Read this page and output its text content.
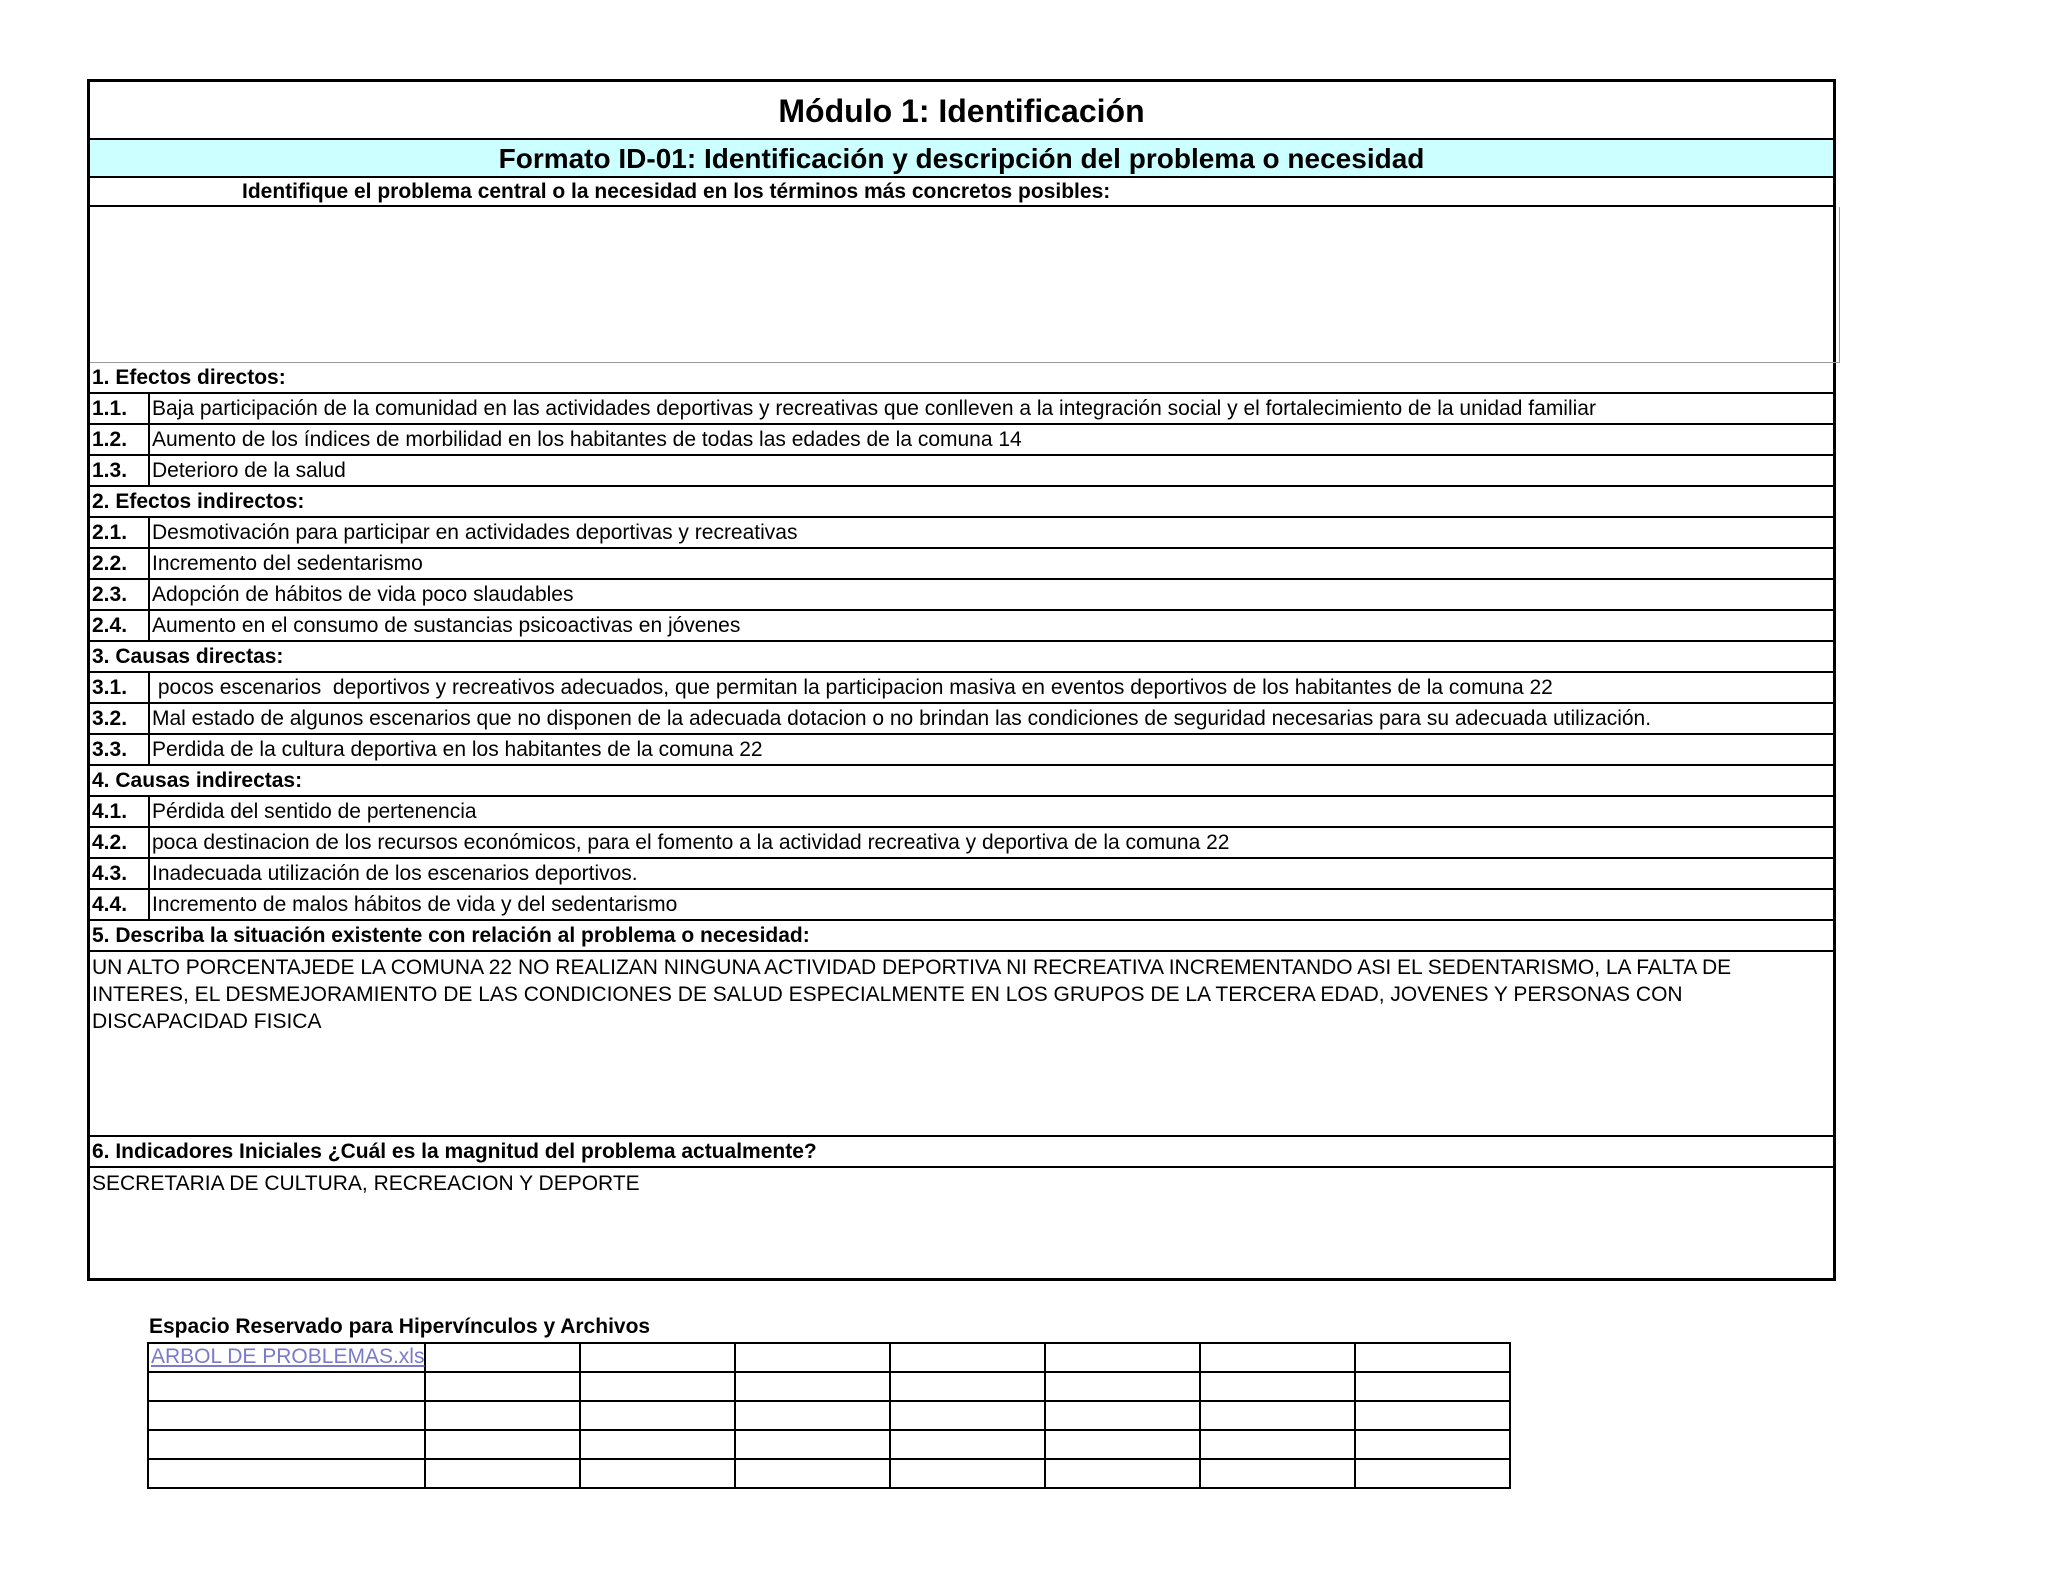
Módulo 1: Identificación
Formato ID-01: Identificación y descripción del problema o necesidad
Identifique el problema central o la necesidad en los términos más concretos posibles:
1. Efectos directos:
1.1.	Baja participación de la comunidad en las actividades deportivas y recreativas que conlleven a la integración social y el fortalecimiento de la unidad familiar
1.2.	Aumento de los índices de morbilidad en los habitantes de todas las edades de la comuna 14
1.3.	Deterioro de la salud
2. Efectos indirectos:
2.1.	Desmotivación para participar en actividades deportivas y recreativas
2.2.	Incremento del sedentarismo
2.3.	Adopción de hábitos de vida poco slaudables
2.4.	Aumento en el consumo de sustancias psicoactivas en jóvenes
3. Causas directas:
3.1.	pocos escenarios  deportivos y recreativos adecuados, que permitan la participacion masiva en eventos deportivos de los habitantes de la comuna 22
3.2.	Mal estado de algunos escenarios que no disponen de la adecuada dotacion o no brindan las condiciones de seguridad necesarias para su adecuada utilización.
3.3.	Perdida de la cultura deportiva en los habitantes de la comuna 22
4. Causas indirectas:
4.1.	Pérdida del sentido de pertenencia
4.2.	poca destinacion de los recursos económicos, para el fomento a la actividad recreativa y deportiva de la comuna 22
4.3.	Inadecuada utilización de los escenarios deportivos.
4.4.	Incremento de malos hábitos de vida y del sedentarismo
5. Describa la situación existente con relación al problema o necesidad:
UN ALTO PORCENTAJEDE LA COMUNA 22 NO REALIZAN NINGUNA ACTIVIDAD DEPORTIVA NI RECREATIVA INCREMENTANDO ASI EL SEDENTARISMO, LA FALTA DE INTERES, EL DESMEJORAMIENTO DE LAS CONDICIONES DE SALUD ESPECIALMENTE EN LOS GRUPOS DE LA TERCERA EDAD, JOVENES Y PERSONAS CON DISCAPACIDAD FISICA
6. Indicadores Iniciales ¿Cuál es la magnitud del problema actualmente?
SECRETARIA DE CULTURA, RECREACION Y DEPORTE
Espacio Reservado para Hipervínculos y Archivos
ARBOL DE PROBLEMAS.xls							
